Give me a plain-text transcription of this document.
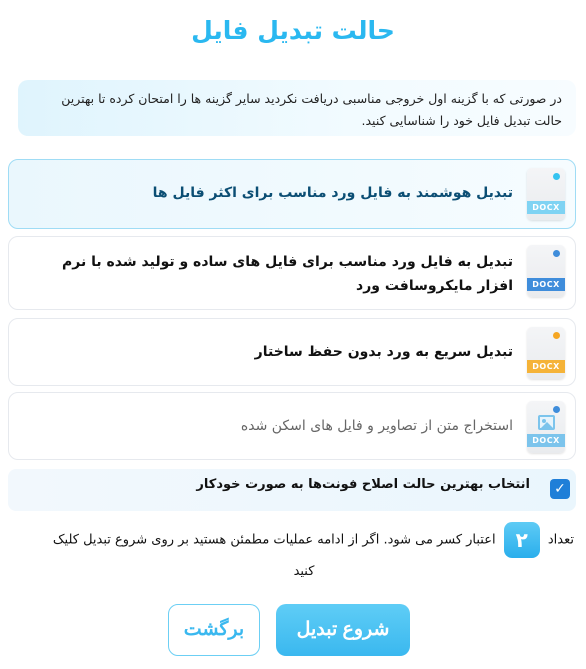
حالت تبدیل فایل
در صورتی که با گزینه اول خروجی مناسبی دریافت نکردید سایر گزینه ها را امتحان کرده تا بهترین حالت تبدیل فایل خود را شناسایی کنید.
DOCX
تبدیل هوشمند به فایل ورد مناسب برای اکثر فایل ها
DOCX
تبدیل به فایل ورد مناسب برای فایل های ساده و تولید شده با نرم افزار مایکروسافت ورد
DOCX
تبدیل سریع به ورد بدون حفظ ساختار
DOCX
استخراج متن از تصاویر و فایل های اسکن شده
✓
انتخاب بهترین حالت اصلاح فونت‌ها به صورت خودکار
تعداد ۲ اعتبار کسر می شود. اگر از ادامه عملیات مطمئن هستید بر روی شروع تبدیل کلیک
کنید
شروع تبدیل
برگشت
